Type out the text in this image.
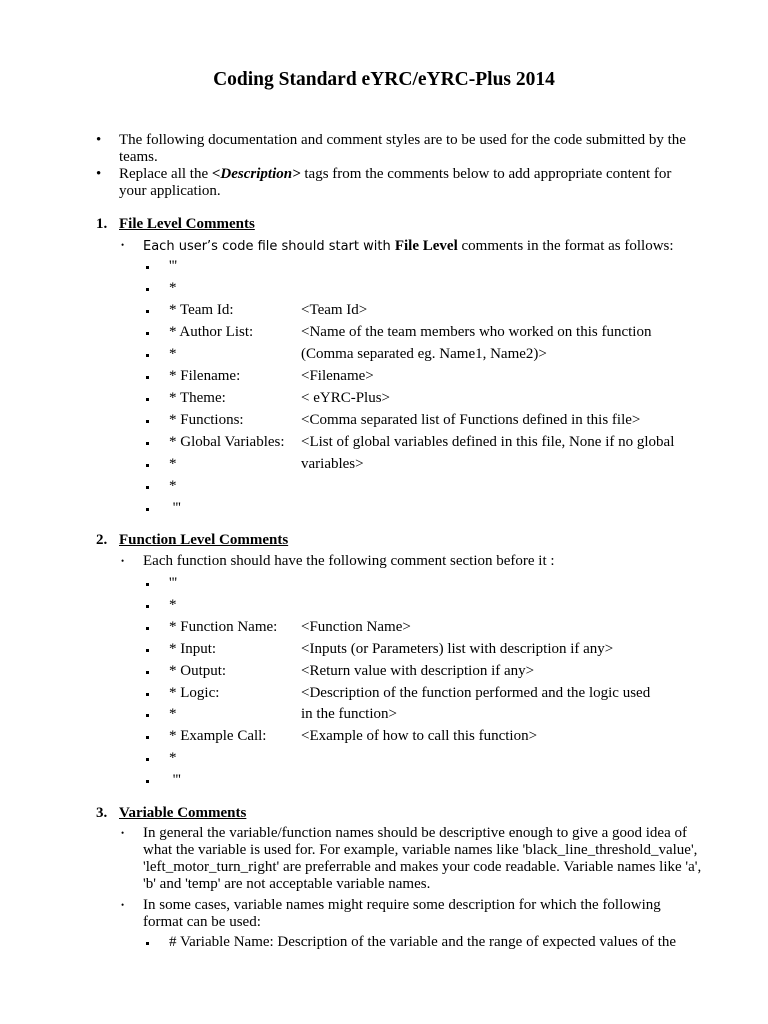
Coding Standard eYRC/eYRC-Plus 2014
• The following documentation and comment styles are to be used for the code submitted by the teams.
• Replace all the <Description> tags from the comments below to add appropriate content for your application.
1. File Level Comments
• Each user’s code file should start with File Level comments in the format as follows:
'''
*
* Team Id:	<Team Id>
* Author List:	<Name of the team members who worked on this function
*	(Comma separated eg. Name1, Name2)>
* Filename:	<Filename>
* Theme:	< eYRC-Plus>
* Functions:	<Comma separated list of Functions defined in this file>
* Global Variables: <List of global variables defined in this file, None if no global
*	variables>
*
'''
2. Function Level Comments
• Each function should have the following comment section before it :
'''
*
* Function Name: <Function Name>
* Input:	<Inputs (or Parameters) list with description if any>
* Output:	<Return value with description if any>
* Logic:	<Description of the function performed and the logic used
*	in the function>
* Example Call: <Example of how to call this function>
*
'''
3. Variable Comments
• In general the variable/function names should be descriptive enough to give a good idea of what the variable is used for. For example, variable names like 'black_line_threshold_value', 'left_motor_turn_right' are preferrable and makes your code readable. Variable names like 'a', 'b' and 'temp' are not acceptable variable names.
• In some cases, variable names might require some description for which the following format can be used:
# Variable Name: Description of the variable and the range of expected values of the
